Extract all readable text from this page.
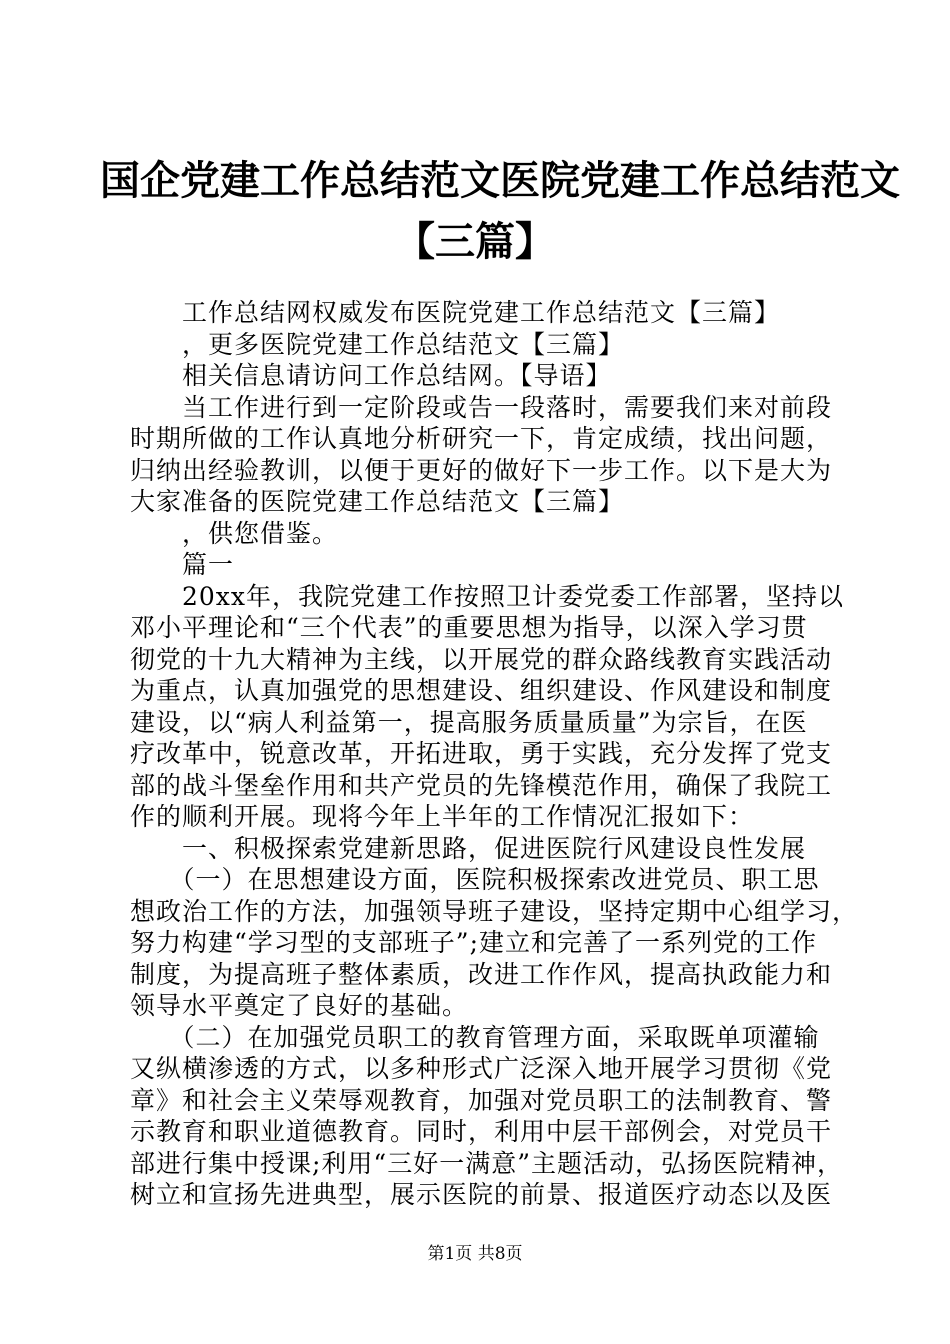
国企党建工作总结范文医院党建工作总结范文
【三篇】
　　工作总结网权威发布医院党建工作总结范文【三篇】
　　，更多医院党建工作总结范文【三篇】
　　相关信息请访问工作总结网。【导语】
　　当工作进行到一定阶段或告一段落时，需要我们来对前段
时期所做的工作认真地分析研究一下，肯定成绩，找出问题，
归纳出经验教训，以便于更好的做好下一步工作。以下是大为
大家准备的医院党建工作总结范文【三篇】
　　，供您借鉴。
　　篇一
　　20xx年，我院党建工作按照卫计委党委工作部署，坚持以
邓小平理论和“三个代表”的重要思想为指导，以深入学习贯
彻党的十九大精神为主线，以开展党的群众路线教育实践活动
为重点，认真加强党的思想建设、组织建设、作风建设和制度
建设，以“病人利益第一，提高服务质量质量”为宗旨，在医
疗改革中，锐意改革，开拓进取，勇于实践，充分发挥了党支
部的战斗堡垒作用和共产党员的先锋模范作用，确保了我院工
作的顺利开展。现将今年上半年的工作情况汇报如下：
　　一、积极探索党建新思路，促进医院行风建设良性发展
　　（一）在思想建设方面，医院积极探索改进党员、职工思
想政治工作的方法，加强领导班子建设，坚持定期中心组学习，
努力构建“学习型的支部班子”;建立和完善了一系列党的工作
制度，为提高班子整体素质，改进工作作风，提高执政能力和
领导水平奠定了良好的基础。
　　（二）在加强党员职工的教育管理方面，采取既单项灌输
又纵横渗透的方式，以多种形式广泛深入地开展学习贯彻《党
章》和社会主义荣辱观教育，加强对党员职工的法制教育、警
示教育和职业道德教育。同时，利用中层干部例会，对党员干
部进行集中授课;利用“三好一满意”主题活动，弘扬医院精神，
树立和宣扬先进典型，展示医院的前景、报道医疗动态以及医
第1页 共8页
